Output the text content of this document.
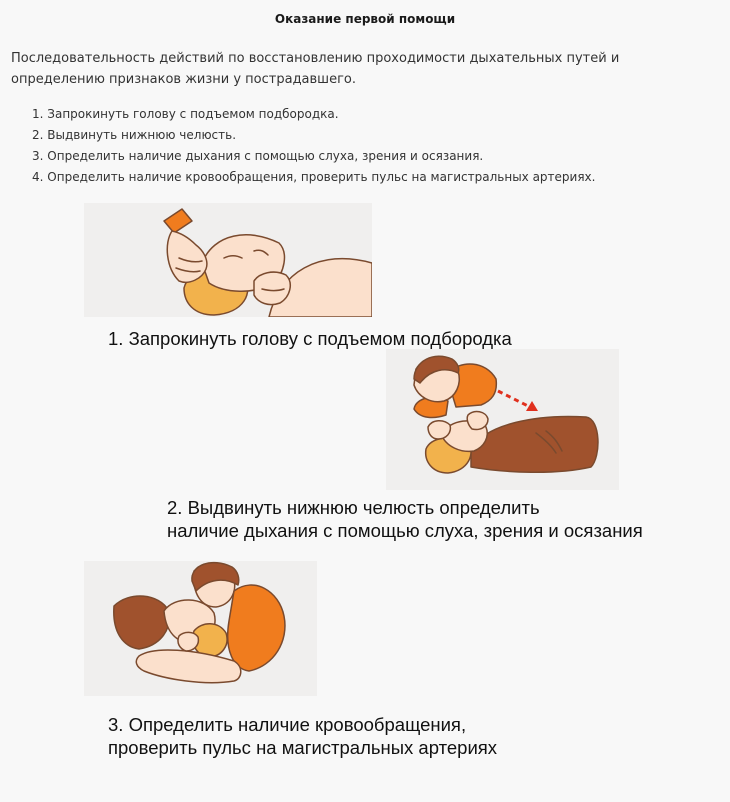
Оказание первой помощи
Последовательность действий по восстановлению проходимости дыхательных путей и определению признаков жизни у пострадавшего.
1. Запрокинуть голову с подъемом подбородка.
2. Выдвинуть нижнюю челюсть.
3. Определить наличие дыхания с помощью слуха, зрения и осязания.
4. Определить наличие кровообращения, проверить пульс на магистральных артериях.
1. Запрокинуть голову с подъемом подбородка
2. Выдвинуть нижнюю челюсть определить
наличие дыхания с помощью слуха, зрения и осязания
3. Определить наличие кровообращения,
проверить пульс на магистральных артериях
